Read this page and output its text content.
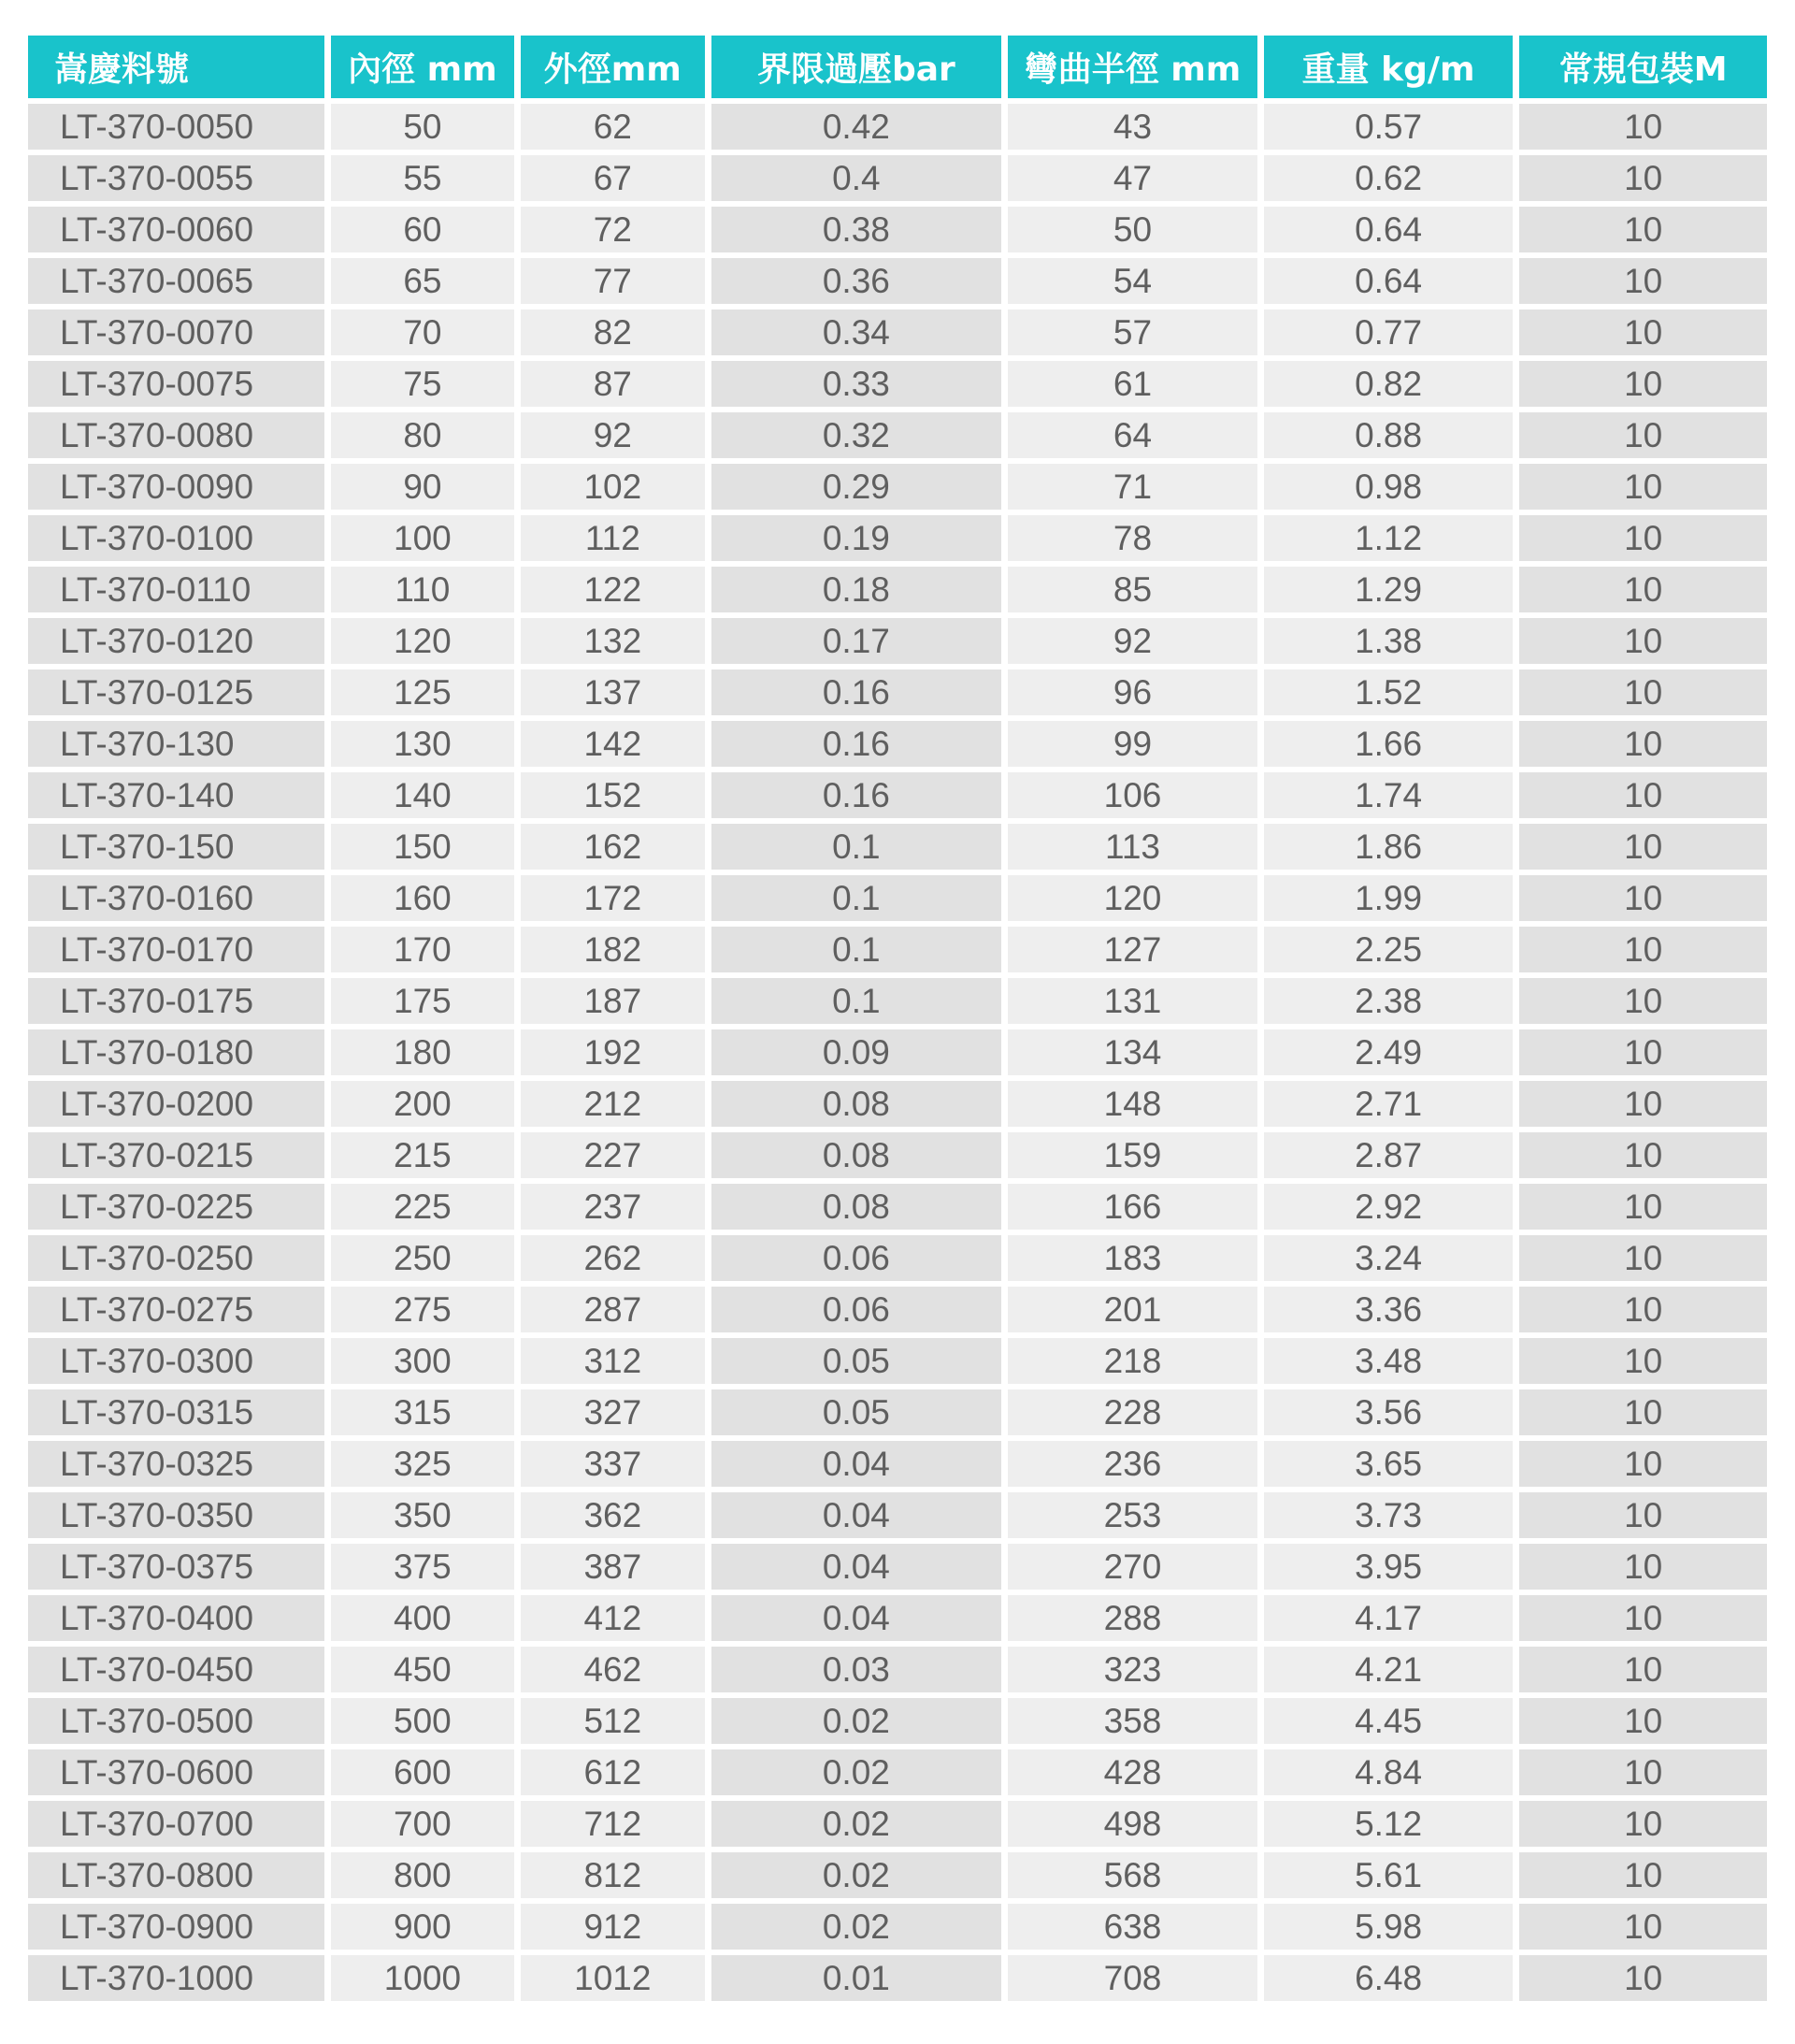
嵩慶料號	內徑 mm	外徑mm	界限過壓bar	彎曲半徑 mm	重量 kg/m	常規包裝M
LT-370-0050	50	62	0.42	43	0.57	10
LT-370-0055	55	67	0.4	47	0.62	10
LT-370-0060	60	72	0.38	50	0.64	10
LT-370-0065	65	77	0.36	54	0.64	10
LT-370-0070	70	82	0.34	57	0.77	10
LT-370-0075	75	87	0.33	61	0.82	10
LT-370-0080	80	92	0.32	64	0.88	10
LT-370-0090	90	102	0.29	71	0.98	10
LT-370-0100	100	112	0.19	78	1.12	10
LT-370-0110	110	122	0.18	85	1.29	10
LT-370-0120	120	132	0.17	92	1.38	10
LT-370-0125	125	137	0.16	96	1.52	10
LT-370-130	130	142	0.16	99	1.66	10
LT-370-140	140	152	0.16	106	1.74	10
LT-370-150	150	162	0.1	113	1.86	10
LT-370-0160	160	172	0.1	120	1.99	10
LT-370-0170	170	182	0.1	127	2.25	10
LT-370-0175	175	187	0.1	131	2.38	10
LT-370-0180	180	192	0.09	134	2.49	10
LT-370-0200	200	212	0.08	148	2.71	10
LT-370-0215	215	227	0.08	159	2.87	10
LT-370-0225	225	237	0.08	166	2.92	10
LT-370-0250	250	262	0.06	183	3.24	10
LT-370-0275	275	287	0.06	201	3.36	10
LT-370-0300	300	312	0.05	218	3.48	10
LT-370-0315	315	327	0.05	228	3.56	10
LT-370-0325	325	337	0.04	236	3.65	10
LT-370-0350	350	362	0.04	253	3.73	10
LT-370-0375	375	387	0.04	270	3.95	10
LT-370-0400	400	412	0.04	288	4.17	10
LT-370-0450	450	462	0.03	323	4.21	10
LT-370-0500	500	512	0.02	358	4.45	10
LT-370-0600	600	612	0.02	428	4.84	10
LT-370-0700	700	712	0.02	498	5.12	10
LT-370-0800	800	812	0.02	568	5.61	10
LT-370-0900	900	912	0.02	638	5.98	10
LT-370-1000	1000	1012	0.01	708	6.48	10
